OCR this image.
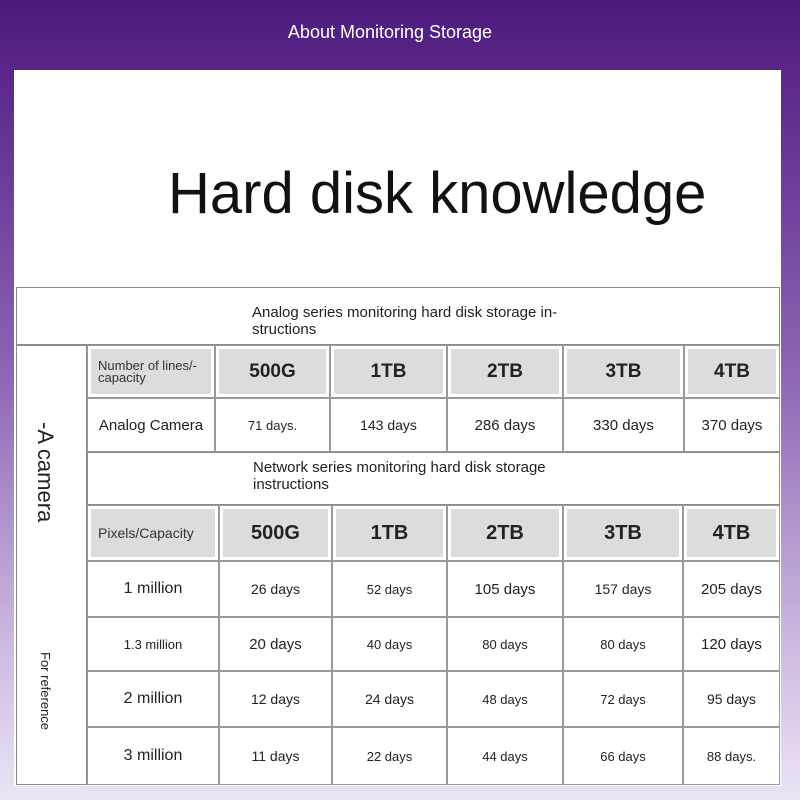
About Monitoring Storage
Hard disk knowledge
Analog series monitoring hard disk storage in-structions
-A camera
For reference
Number of lines/-capacity	500G	1TB	2TB	3TB	4TB
Analog Camera	71 days.	143 days	286 days	330 days	370 days
Network series monitoring hard disk storage instructions
Pixels/Capacity	500G	1TB	2TB	3TB	4TB
1 million	26 days	52 days	105 days	157 days	205 days
1.3 million	20 days	40 days	80 days	80 days	120 days
2 million	12 days	24 days	48 days	72 days	95 days
3 million	11 days	22 days	44 days	66 days	88 days.
